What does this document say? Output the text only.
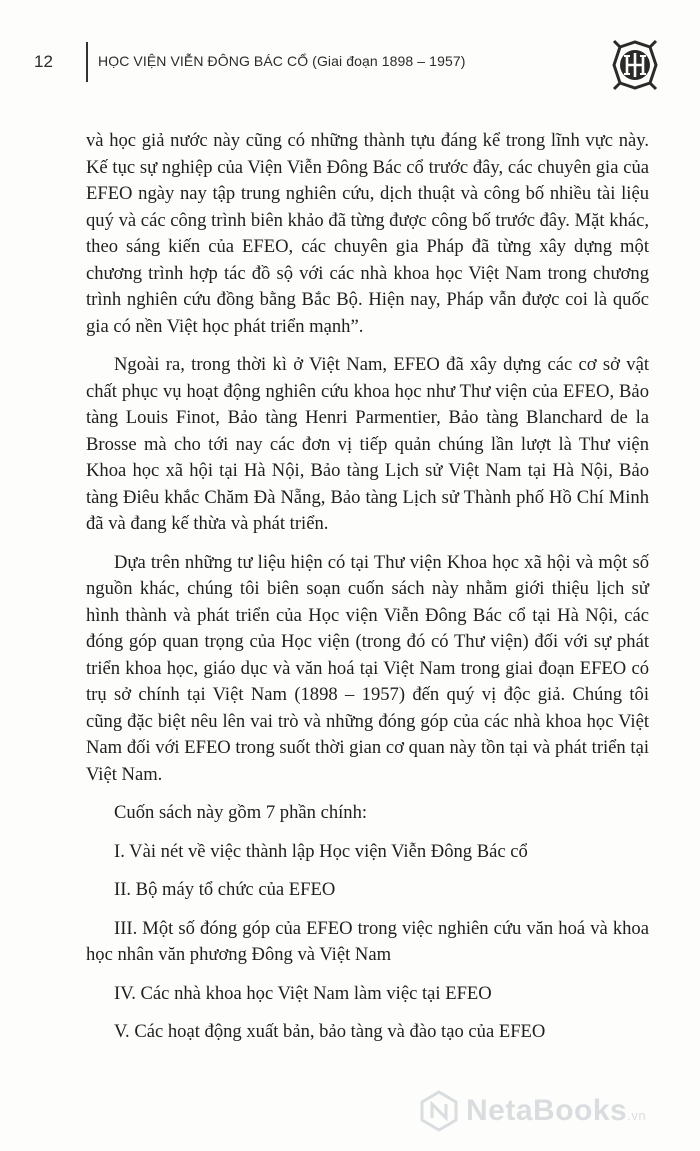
12	HỌC VIỆN VIỄN ĐÔNG BÁC CỔ (Giai đoạn 1898 – 1957)

và học giả nước này cũng có những thành tựu đáng kể trong lĩnh vực này. Kế tục sự nghiệp của Viện Viễn Đông Bác cổ trước đây, các chuyên gia của EFEO ngày nay tập trung nghiên cứu, dịch thuật và công bố nhiều tài liệu quý và các công trình biên khảo đã từng được công bố trước đây. Mặt khác, theo sáng kiến của EFEO, các chuyên gia Pháp đã từng xây dựng một chương trình hợp tác đồ sộ với các nhà khoa học Việt Nam trong chương trình nghiên cứu đồng bằng Bắc Bộ. Hiện nay, Pháp vẫn được coi là quốc gia có nền Việt học phát triển mạnh”.

Ngoài ra, trong thời kì ở Việt Nam, EFEO đã xây dựng các cơ sở vật chất phục vụ hoạt động nghiên cứu khoa học như Thư viện của EFEO, Bảo tàng Louis Finot, Bảo tàng Henri Parmentier, Bảo tàng Blanchard de la Brosse mà cho tới nay các đơn vị tiếp quản chúng lần lượt là Thư viện Khoa học xã hội tại Hà Nội, Bảo tàng Lịch sử Việt Nam tại Hà Nội, Bảo tàng Điêu khắc Chăm Đà Nẵng, Bảo tàng Lịch sử Thành phố Hồ Chí Minh đã và đang kế thừa và phát triển.

Dựa trên những tư liệu hiện có tại Thư viện Khoa học xã hội và một số nguồn khác, chúng tôi biên soạn cuốn sách này nhằm giới thiệu lịch sử hình thành và phát triển của Học viện Viễn Đông Bác cổ tại Hà Nội, các đóng góp quan trọng của Học viện (trong đó có Thư viện) đối với sự phát triển khoa học, giáo dục và văn hoá tại Việt Nam trong giai đoạn EFEO có trụ sở chính tại Việt Nam (1898 – 1957) đến quý vị độc giả. Chúng tôi cũng đặc biệt nêu lên vai trò và những đóng góp của các nhà khoa học Việt Nam đối với EFEO trong suốt thời gian cơ quan này tồn tại và phát triển tại Việt Nam.

Cuốn sách này gồm 7 phần chính:

I. Vài nét về việc thành lập Học viện Viễn Đông Bác cổ

II. Bộ máy tổ chức của EFEO

III. Một số đóng góp của EFEO trong việc nghiên cứu văn hoá và khoa học nhân văn phương Đông và Việt Nam

IV. Các nhà khoa học Việt Nam làm việc tại EFEO

V. Các hoạt động xuất bản, bảo tàng và đào tạo của EFEO

NetaBooks.vn
